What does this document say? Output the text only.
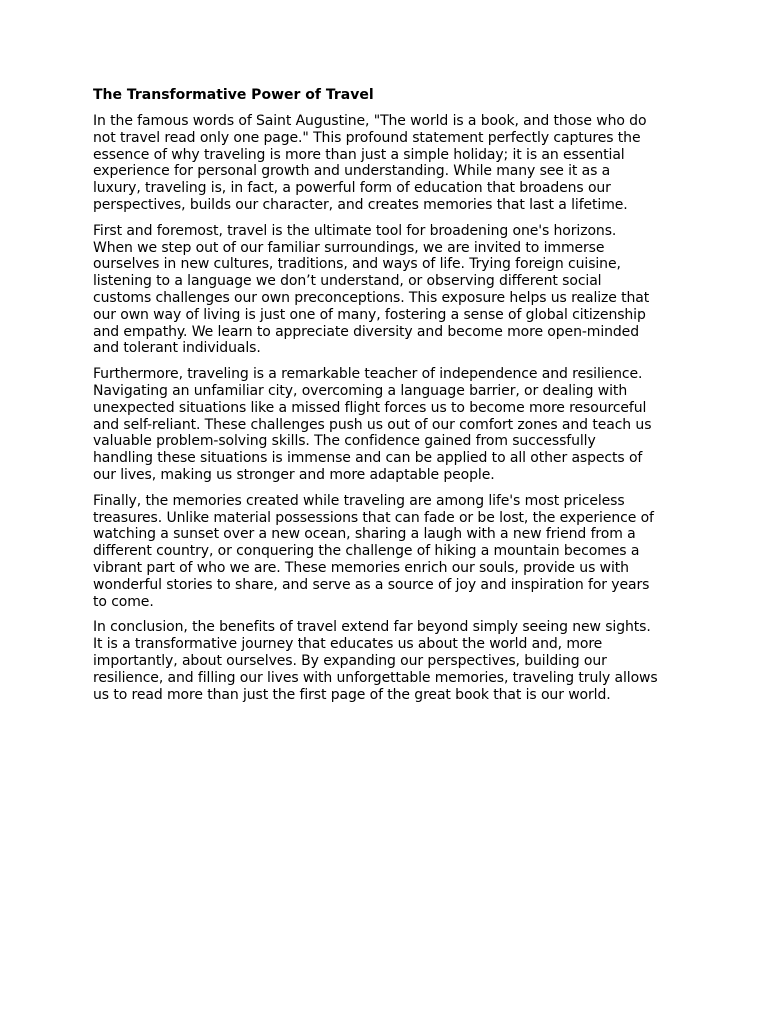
The Transformative Power of Travel

In the famous words of Saint Augustine, "The world is a book, and those who do
not travel read only one page." This profound statement perfectly captures the
essence of why traveling is more than just a simple holiday; it is an essential
experience for personal growth and understanding. While many see it as a
luxury, traveling is, in fact, a powerful form of education that broadens our
perspectives, builds our character, and creates memories that last a lifetime.

First and foremost, travel is the ultimate tool for broadening one's horizons.
When we step out of our familiar surroundings, we are invited to immerse
ourselves in new cultures, traditions, and ways of life. Trying foreign cuisine,
listening to a language we don’t understand, or observing different social
customs challenges our own preconceptions. This exposure helps us realize that
our own way of living is just one of many, fostering a sense of global citizenship
and empathy. We learn to appreciate diversity and become more open-minded
and tolerant individuals.

Furthermore, traveling is a remarkable teacher of independence and resilience.
Navigating an unfamiliar city, overcoming a language barrier, or dealing with
unexpected situations like a missed flight forces us to become more resourceful
and self-reliant. These challenges push us out of our comfort zones and teach us
valuable problem-solving skills. The confidence gained from successfully
handling these situations is immense and can be applied to all other aspects of
our lives, making us stronger and more adaptable people.

Finally, the memories created while traveling are among life's most priceless
treasures. Unlike material possessions that can fade or be lost, the experience of
watching a sunset over a new ocean, sharing a laugh with a new friend from a
different country, or conquering the challenge of hiking a mountain becomes a
vibrant part of who we are. These memories enrich our souls, provide us with
wonderful stories to share, and serve as a source of joy and inspiration for years
to come.

In conclusion, the benefits of travel extend far beyond simply seeing new sights.
It is a transformative journey that educates us about the world and, more
importantly, about ourselves. By expanding our perspectives, building our
resilience, and filling our lives with unforgettable memories, traveling truly allows
us to read more than just the first page of the great book that is our world.
